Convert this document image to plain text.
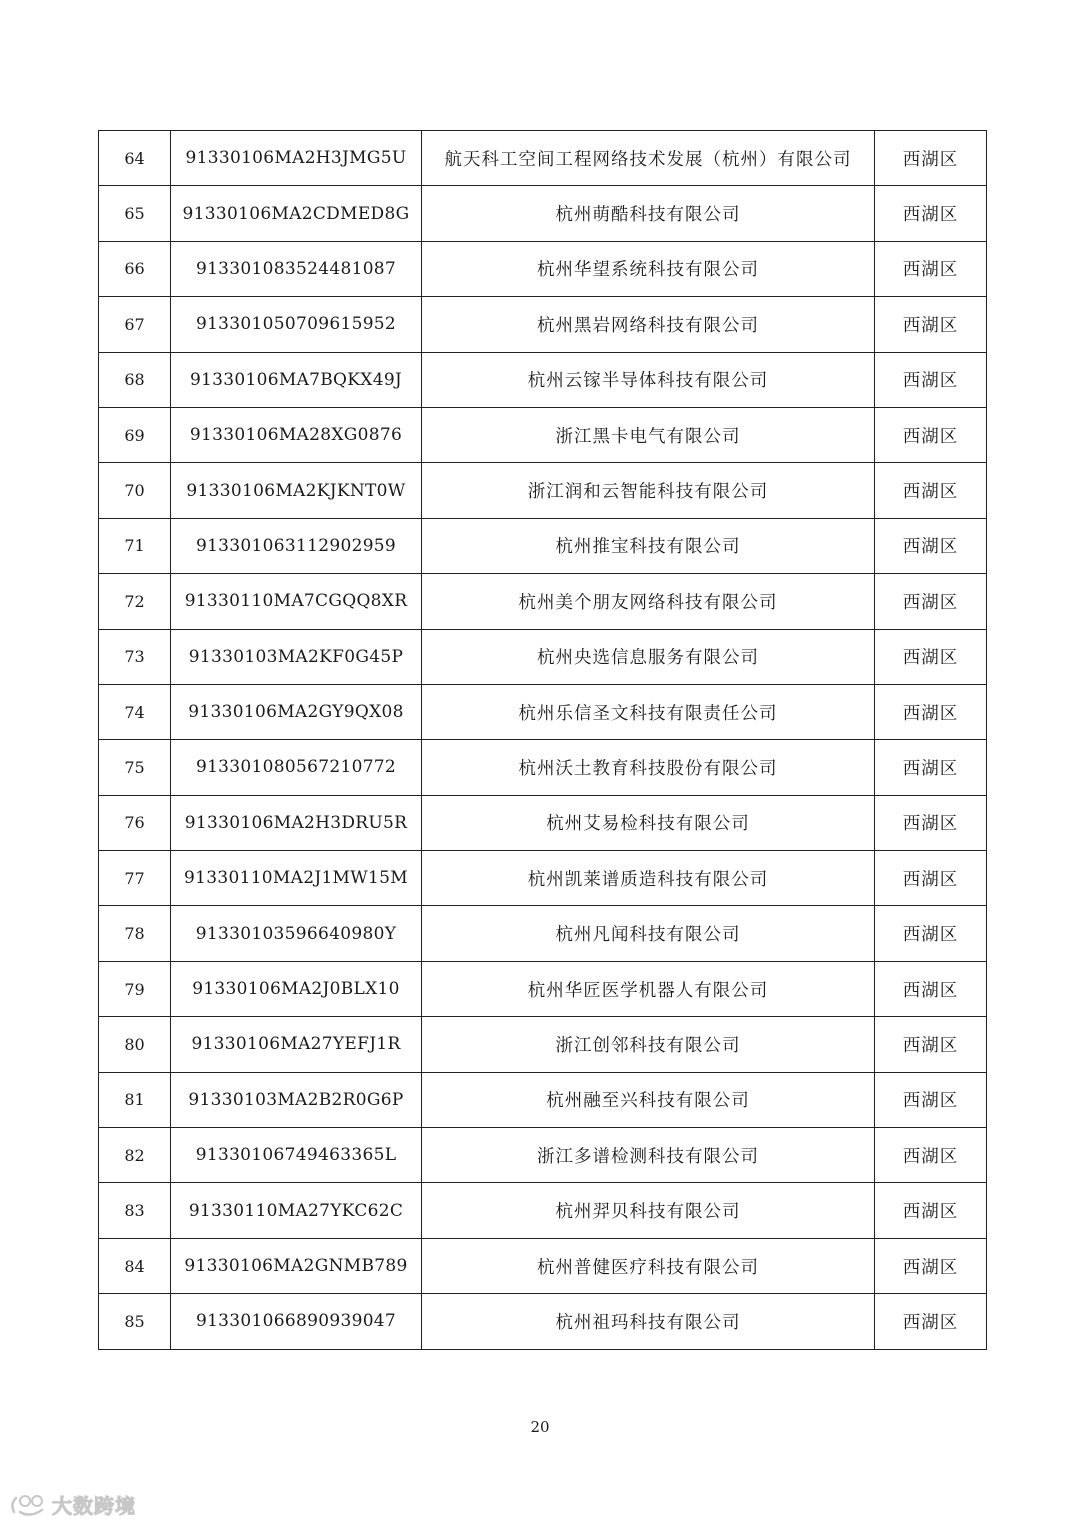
64	91330106MA2H3JMG5U	航天科工空间工程网络技术发展（杭州）有限公司	西湖区
65	91330106MA2CDMED8G	杭州萌酷科技有限公司	西湖区
66	913301083524481087	杭州华望系统科技有限公司	西湖区
67	913301050709615952	杭州黑岩网络科技有限公司	西湖区
68	91330106MA7BQKX49J	杭州云镓半导体科技有限公司	西湖区
69	91330106MA28XG0876	浙江黑卡电气有限公司	西湖区
70	91330106MA2KJKNT0W	浙江润和云智能科技有限公司	西湖区
71	913301063112902959	杭州推宝科技有限公司	西湖区
72	91330110MA7CGQQ8XR	杭州美个朋友网络科技有限公司	西湖区
73	91330103MA2KF0G45P	杭州央选信息服务有限公司	西湖区
74	91330106MA2GY9QX08	杭州乐信圣文科技有限责任公司	西湖区
75	913301080567210772	杭州沃土教育科技股份有限公司	西湖区
76	91330106MA2H3DRU5R	杭州艾易检科技有限公司	西湖区
77	91330110MA2J1MW15M	杭州凯莱谱质造科技有限公司	西湖区
78	91330103596640980Y	杭州凡闻科技有限公司	西湖区
79	91330106MA2J0BLX10	杭州华匠医学机器人有限公司	西湖区
80	91330106MA27YEFJ1R	浙江创邻科技有限公司	西湖区
81	91330103MA2B2R0G6P	杭州融至兴科技有限公司	西湖区
82	91330106749463365L	浙江多谱检测科技有限公司	西湖区
83	91330110MA27YKC62C	杭州羿贝科技有限公司	西湖区
84	91330106MA2GNMB789	杭州普健医疗科技有限公司	西湖区
85	913301066890939047	杭州祖玛科技有限公司	西湖区
20
大数跨境
